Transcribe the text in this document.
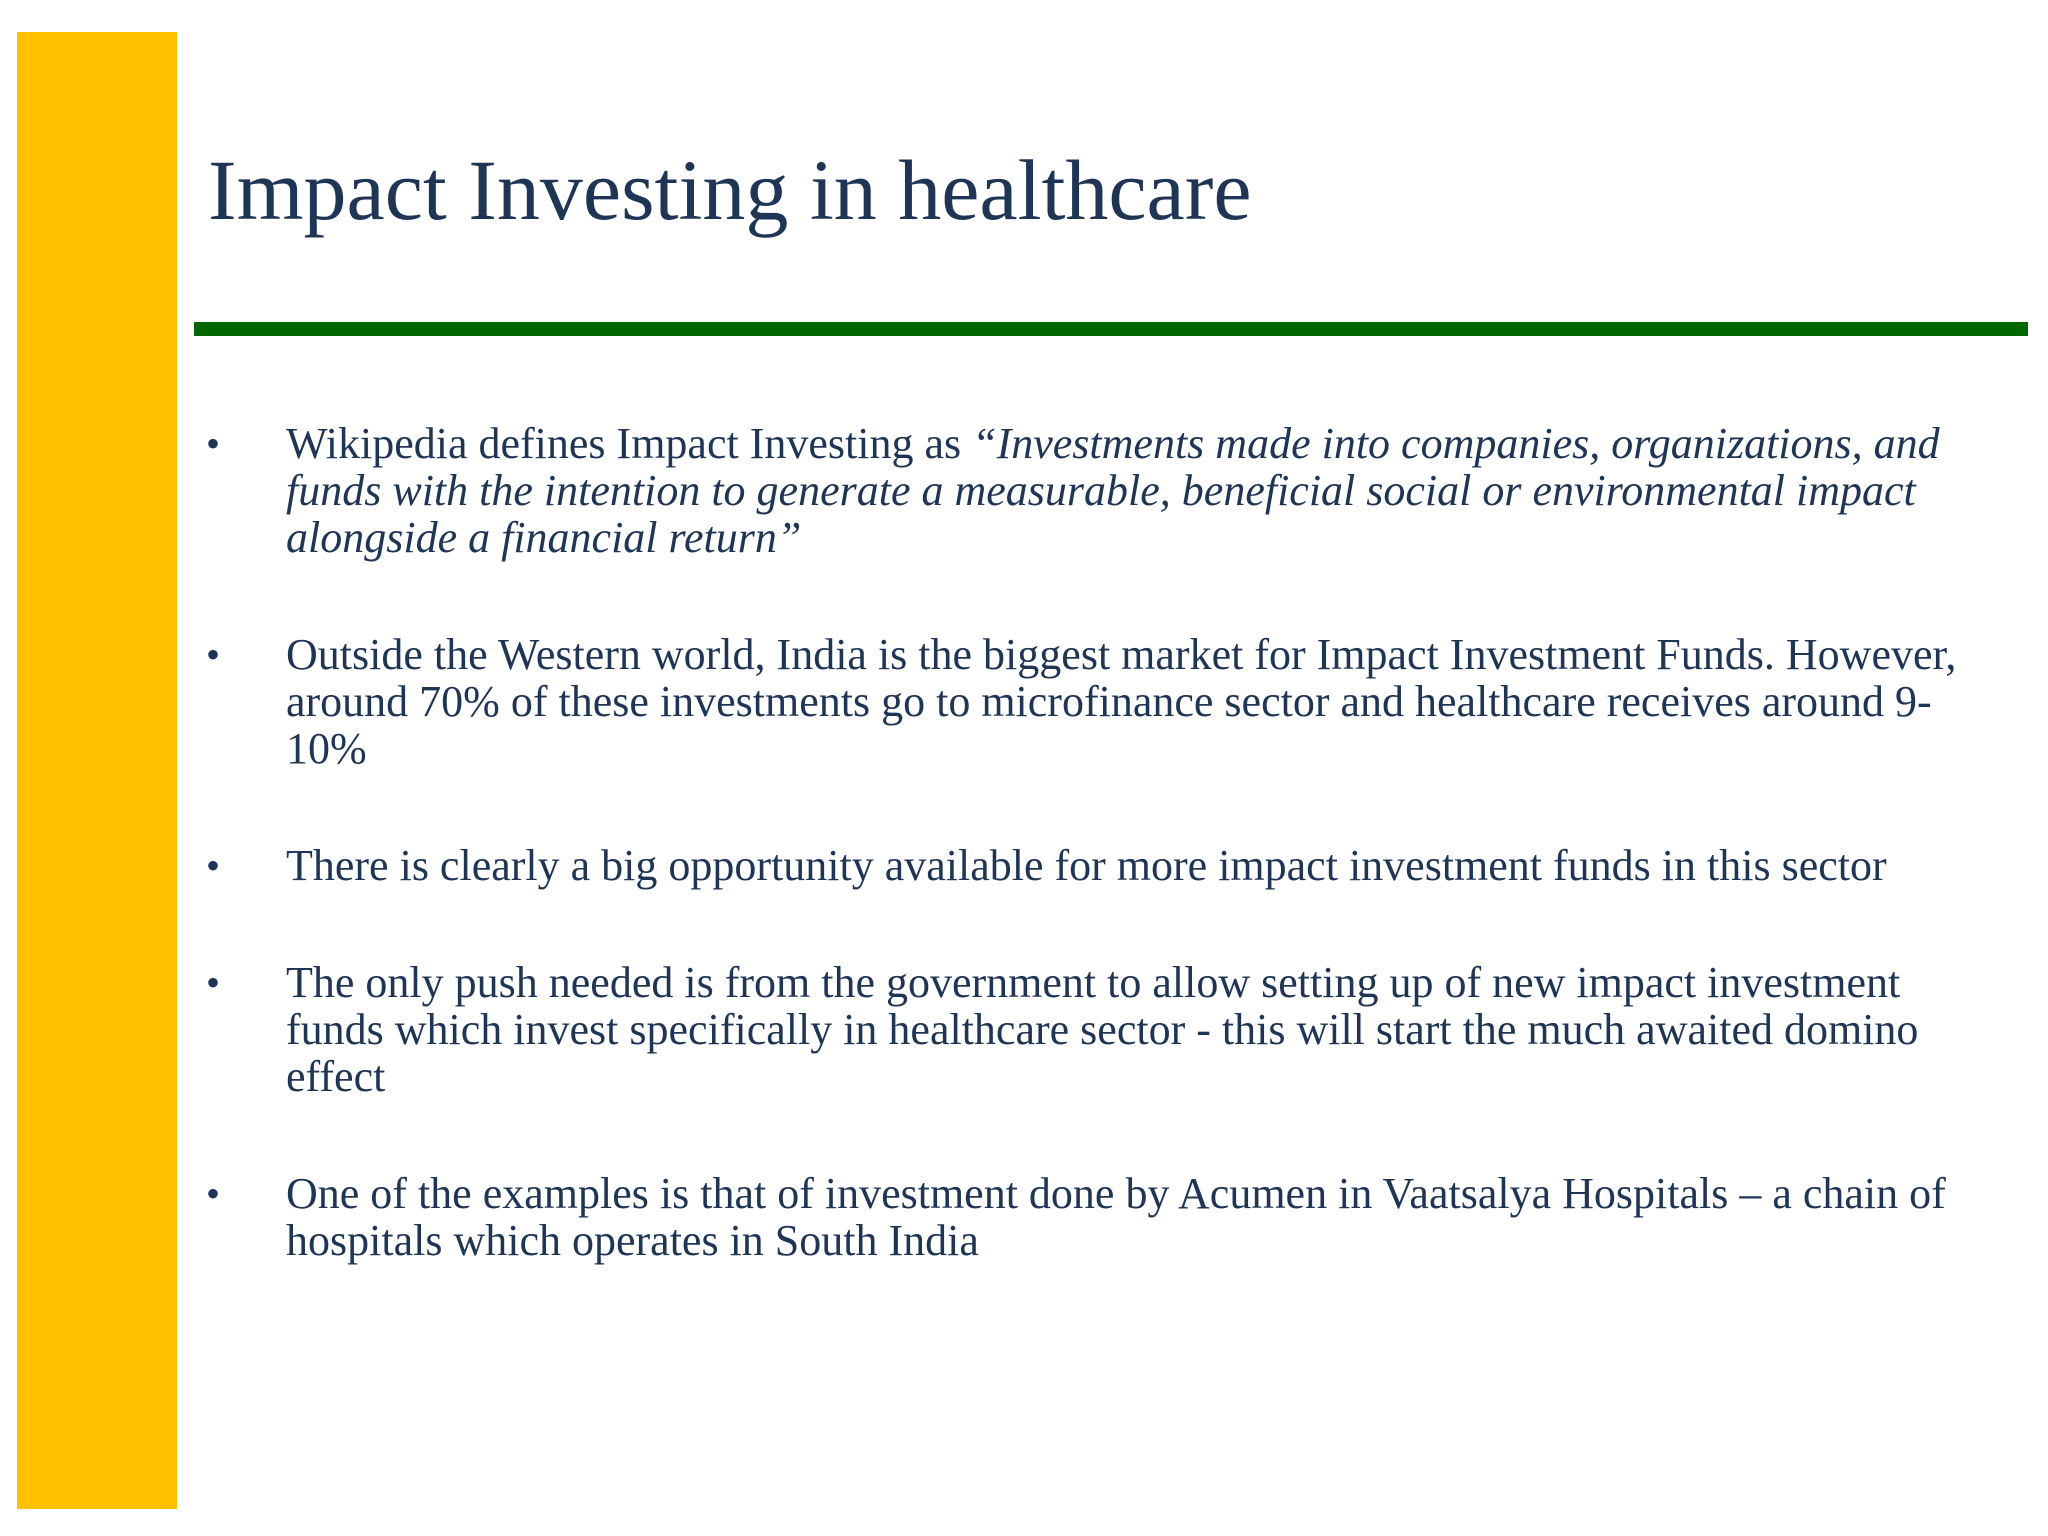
Impact Investing in healthcare
• Wikipedia defines Impact Investing as “Investments made into companies, organizations, and funds with the intention to generate a measurable, beneficial social or environmental impact alongside a financial return”
• Outside the Western world, India is the biggest market for Impact Investment Funds. However, around 70% of these investments go to microfinance sector and healthcare receives around 9-10%
• There is clearly a big opportunity available for more impact investment funds in this sector
• The only push needed is from the government to allow setting up of new impact investment funds which invest specifically in healthcare sector - this will start the much awaited domino effect
• One of the examples is that of investment done by Acumen in Vaatsalya Hospitals – a chain of hospitals which operates in South India
